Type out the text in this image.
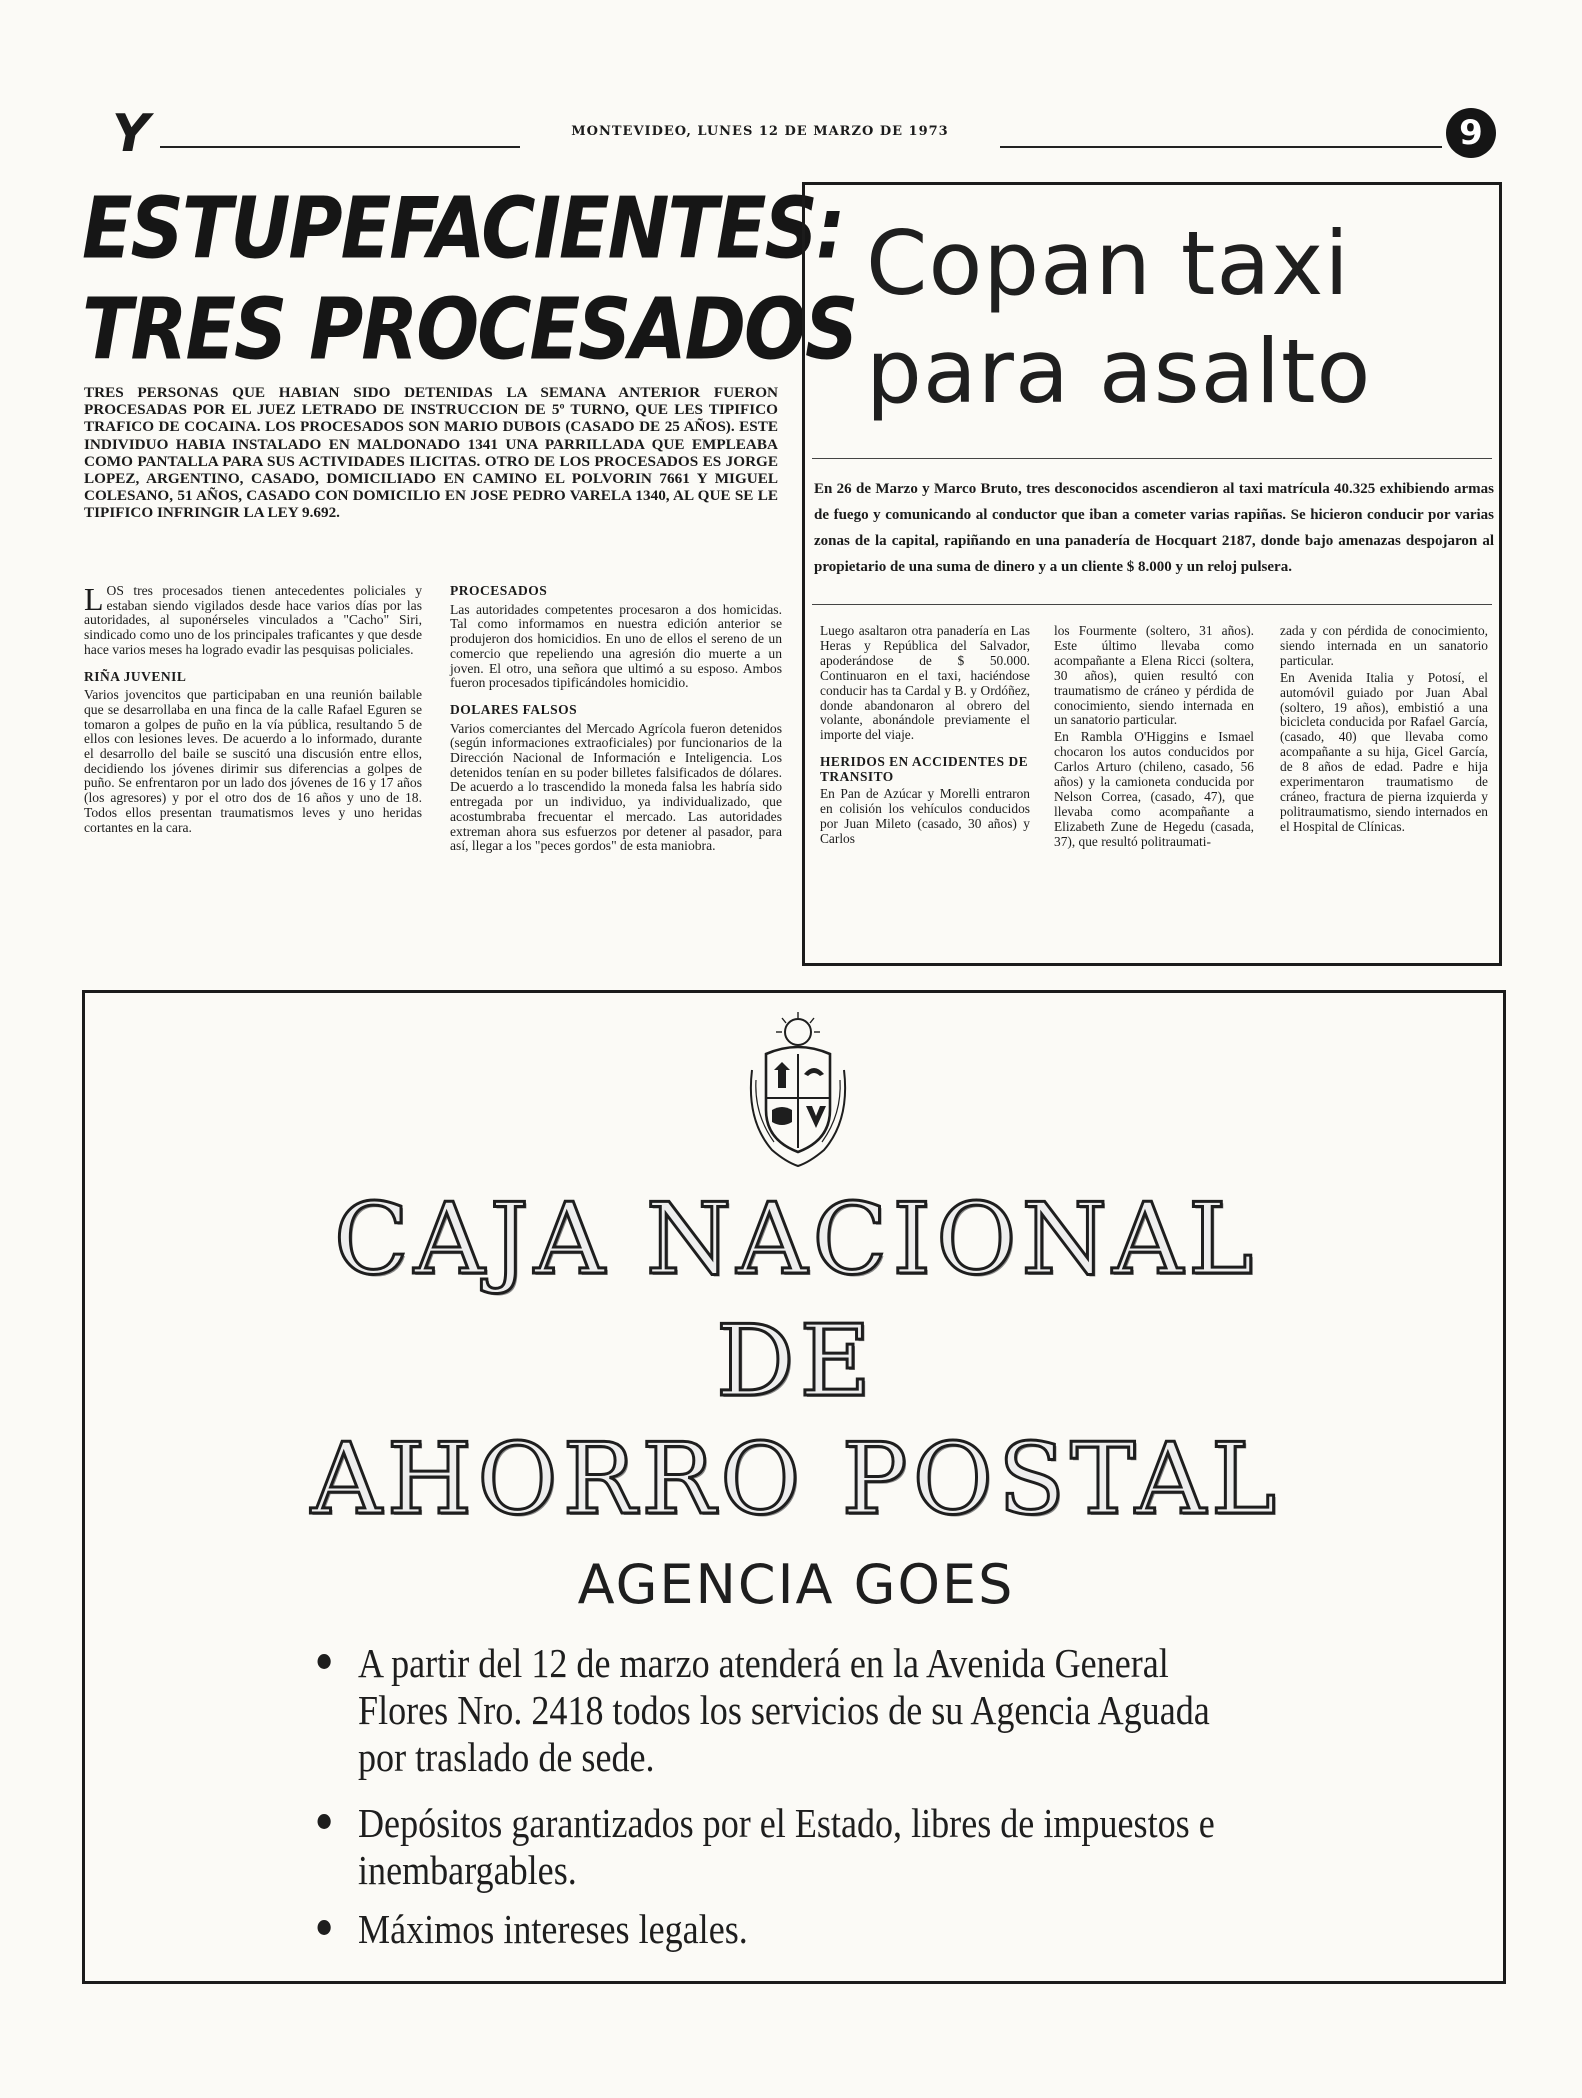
Y	MONTEVIDEO, LUNES 12 DE MARZO DE 1973	9
ESTUPEFACIENTES:
TRES PROCESADOS
TRES PERSONAS QUE HABIAN SIDO DETENIDAS LA SEMANA ANTERIOR FUERON PROCESADAS POR EL JUEZ LETRADO DE INSTRUCCION DE 5º TURNO, QUE LES TIPIFICO TRAFICO DE COCAINA. LOS PROCESADOS SON MARIO DUBOIS (CASADO DE 25 AÑOS). ESTE INDIVIDUO HABIA INSTALADO EN MALDONADO 1341 UNA PARRILLADA QUE EMPLEABA COMO PANTALLA PARA SUS ACTIVIDADES ILICITAS. OTRO DE LOS PROCESADOS ES JORGE LOPEZ, ARGENTINO, CASADO, DOMICILIADO EN CAMINO EL POLVORIN 7661 Y MIGUEL COLESANO, 51 AÑOS, CASADO CON DOMICILIO EN JOSE PEDRO VARELA 1340, AL QUE SE LE TIPIFICO INFRINGIR LA LEY 9.692.

LOS tres procesados tienen antecedentes policiales y estaban siendo vigilados desde hace varios días por las autoridades, al suponérseles vinculados a "Cacho" Siri, sindicado como uno de los principales traficantes y que desde hace varios meses ha logrado evadir las pesquisas policiales.

RIÑA JUVENIL

Varios jovencitos que participaban en una reunión bailable que se desarrollaba en una finca de la calle Rafael Eguren se tomaron a golpes de puño en la vía pública, resultando 5 de ellos con lesiones leves. De acuerdo a lo informado, durante el desarrollo del baile se suscitó una discusión entre ellos, decidiendo los jóvenes dirimir sus diferencias a golpes de puño. Se enfrentaron por un lado dos jóvenes de 16 y 17 años (los agresores) y por el otro dos de 16 años y uno de 18. Todos ellos presentan traumatismos leves y uno heridas cortantes en la cara.

PROCESADOS

Las autoridades competentes procesaron a dos homicidas. Tal como informamos en nuestra edición anterior se produjeron dos homicidios. En uno de ellos el sereno de un comercio que repeliendo una agresión dio muerte a un joven. El otro, una señora que ultimó a su esposo. Ambos fueron procesados tipificándoles homicidio.

DOLARES FALSOS

Varios comerciantes del Mercado Agrícola fueron detenidos (según informaciones extraoficiales) por funcionarios de la Dirección Nacional de Información e Inteligencia. Los detenidos tenían en su poder billetes falsificados de dólares. De acuerdo a lo trascendido la moneda falsa les habría sido entregada por un individuo, ya individualizado, que acostumbraba frecuentar el mercado. Las autoridades extreman ahora sus esfuerzos por detener al pasador, para así, llegar a los "peces gordos" de esta maniobra.

Copan taxi
para asalto
En 26 de Marzo y Marco Bruto, tres desconocidos ascendieron al taxi matrícula 40.325 exhibiendo armas de fuego y comunicando al conductor que iban a cometer varias rapiñas. Se hicieron conducir por varias zonas de la capital, rapiñando en una panadería de Hocquart 2187, donde bajo amenazas despojaron al propietario de una suma de dinero y a un cliente $ 8.000 y un reloj pulsera.

Luego asaltaron otra panadería en Las Heras y República del Salvador, apoderándose de $ 50.000. Continuaron en el taxi, haciéndose conducir has ta Cardal y B. y Ordóñez, donde abandonaron al obrero del volante, abonándole previamente el importe del viaje.

HERIDOS EN ACCIDENTES DE TRANSITO

En Pan de Azúcar y Morelli entraron en colisión los vehículos conducidos por Juan Mileto (casado, 30 años) y Carlos

los Fourmente (soltero, 31 años). Este último llevaba como acompañante a Elena Ricci (soltera, 30 años), quien resultó con traumatismo de cráneo y pérdida de conocimiento, siendo internada en un sanatorio particular.

En Rambla O'Higgins e Ismael chocaron los autos conducidos por Carlos Arturo (chileno, casado, 56 años) y la camioneta conducida por Nelson Correa, (casado, 47), que llevaba como acompañante a Elizabeth Zune de Hegedu (casada, 37), que resultó politraumati-

zada y con pérdida de conocimiento, siendo internada en un sanatorio particular.

En Avenida Italia y Potosí, el automóvil guiado por Juan Abal (soltero, 19 años), embistió a una bicicleta conducida por Rafael García, (casado, 40) que llevaba como acompañante a su hija, Gicel García, de 8 años de edad. Padre e hija experimentaron traumatismo de cráneo, fractura de pierna izquierda y politraumatismo, siendo internados en el Hospital de Clínicas.

CAJA NACIONAL
DE
AHORRO POSTAL
AGENCIA GOES
A partir del 12 de marzo atenderá en la Avenida General Flores Nro. 2418 todos los servicios de su Agencia Aguada por traslado de sede.
Depósitos garantizados por el Estado, libres de impuestos e inembargables.
Máximos intereses legales.
